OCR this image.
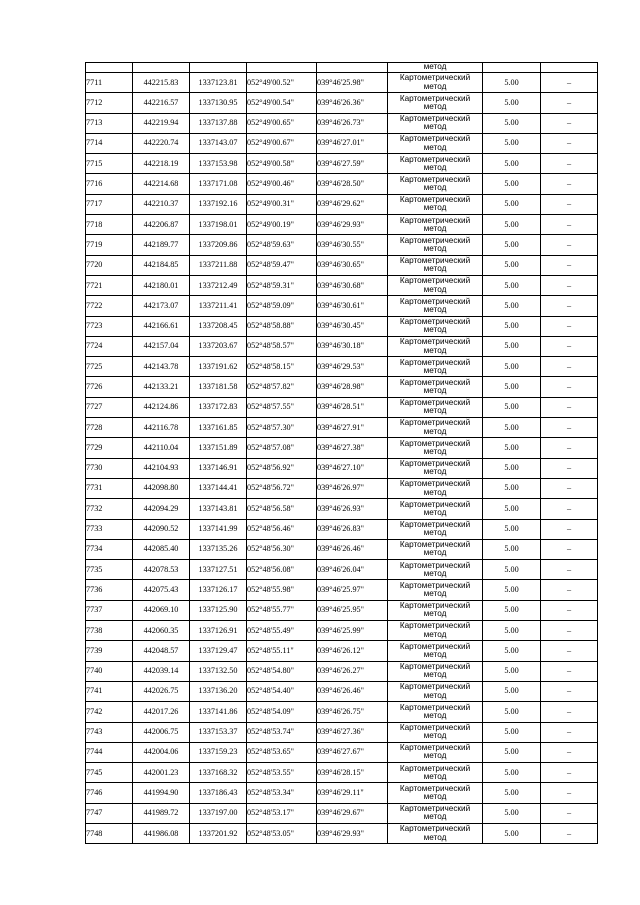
					метод		
7711	442215.83	1337123.81	052°49'00.52"	039°46'25.98"	Картометрический
метод	5.00	–
7712	442216.57	1337130.95	052°49'00.54"	039°46'26.36"	Картометрический
метод	5.00	–
7713	442219.94	1337137.88	052°49'00.65"	039°46'26.73"	Картометрический
метод	5.00	–
7714	442220.74	1337143.07	052°49'00.67"	039°46'27.01"	Картометрический
метод	5.00	–
7715	442218.19	1337153.98	052°49'00.58"	039°46'27.59"	Картометрический
метод	5.00	–
7716	442214.68	1337171.08	052°49'00.46"	039°46'28.50"	Картометрический
метод	5.00	–
7717	442210.37	1337192.16	052°49'00.31"	039°46'29.62"	Картометрический
метод	5.00	–
7718	442206.87	1337198.01	052°49'00.19"	039°46'29.93"	Картометрический
метод	5.00	–
7719	442189.77	1337209.86	052°48'59.63"	039°46'30.55"	Картометрический
метод	5.00	–
7720	442184.85	1337211.88	052°48'59.47"	039°46'30.65"	Картометрический
метод	5.00	–
7721	442180.01	1337212.49	052°48'59.31"	039°46'30.68"	Картометрический
метод	5.00	–
7722	442173.07	1337211.41	052°48'59.09"	039°46'30.61"	Картометрический
метод	5.00	–
7723	442166.61	1337208.45	052°48'58.88"	039°46'30.45"	Картометрический
метод	5.00	–
7724	442157.04	1337203.67	052°48'58.57"	039°46'30.18"	Картометрический
метод	5.00	–
7725	442143.78	1337191.62	052°48'58.15"	039°46'29.53"	Картометрический
метод	5.00	–
7726	442133.21	1337181.58	052°48'57.82"	039°46'28.98"	Картометрический
метод	5.00	–
7727	442124.86	1337172.83	052°48'57.55"	039°46'28.51"	Картометрический
метод	5.00	–
7728	442116.78	1337161.85	052°48'57.30"	039°46'27.91"	Картометрический
метод	5.00	–
7729	442110.04	1337151.89	052°48'57.08"	039°46'27.38"	Картометрический
метод	5.00	–
7730	442104.93	1337146.91	052°48'56.92"	039°46'27.10"	Картометрический
метод	5.00	–
7731	442098.80	1337144.41	052°48'56.72"	039°46'26.97"	Картометрический
метод	5.00	–
7732	442094.29	1337143.81	052°48'56.58"	039°46'26.93"	Картометрический
метод	5.00	–
7733	442090.52	1337141.99	052°48'56.46"	039°46'26.83"	Картометрический
метод	5.00	–
7734	442085.40	1337135.26	052°48'56.30"	039°46'26.46"	Картометрический
метод	5.00	–
7735	442078.53	1337127.51	052°48'56.08"	039°46'26.04"	Картометрический
метод	5.00	–
7736	442075.43	1337126.17	052°48'55.98"	039°46'25.97"	Картометрический
метод	5.00	–
7737	442069.10	1337125.90	052°48'55.77"	039°46'25.95"	Картометрический
метод	5.00	–
7738	442060.35	1337126.91	052°48'55.49"	039°46'25.99"	Картометрический
метод	5.00	–
7739	442048.57	1337129.47	052°48'55.11"	039°46'26.12"	Картометрический
метод	5.00	–
7740	442039.14	1337132.50	052°48'54.80"	039°46'26.27"	Картометрический
метод	5.00	–
7741	442026.75	1337136.20	052°48'54.40"	039°46'26.46"	Картометрический
метод	5.00	–
7742	442017.26	1337141.86	052°48'54.09"	039°46'26.75"	Картометрический
метод	5.00	–
7743	442006.75	1337153.37	052°48'53.74"	039°46'27.36"	Картометрический
метод	5.00	–
7744	442004.06	1337159.23	052°48'53.65"	039°46'27.67"	Картометрический
метод	5.00	–
7745	442001.23	1337168.32	052°48'53.55"	039°46'28.15"	Картометрический
метод	5.00	–
7746	441994.90	1337186.43	052°48'53.34"	039°46'29.11"	Картометрический
метод	5.00	–
7747	441989.72	1337197.00	052°48'53.17"	039°46'29.67"	Картометрический
метод	5.00	–
7748	441986.08	1337201.92	052°48'53.05"	039°46'29.93"	Картометрический
метод	5.00	–
